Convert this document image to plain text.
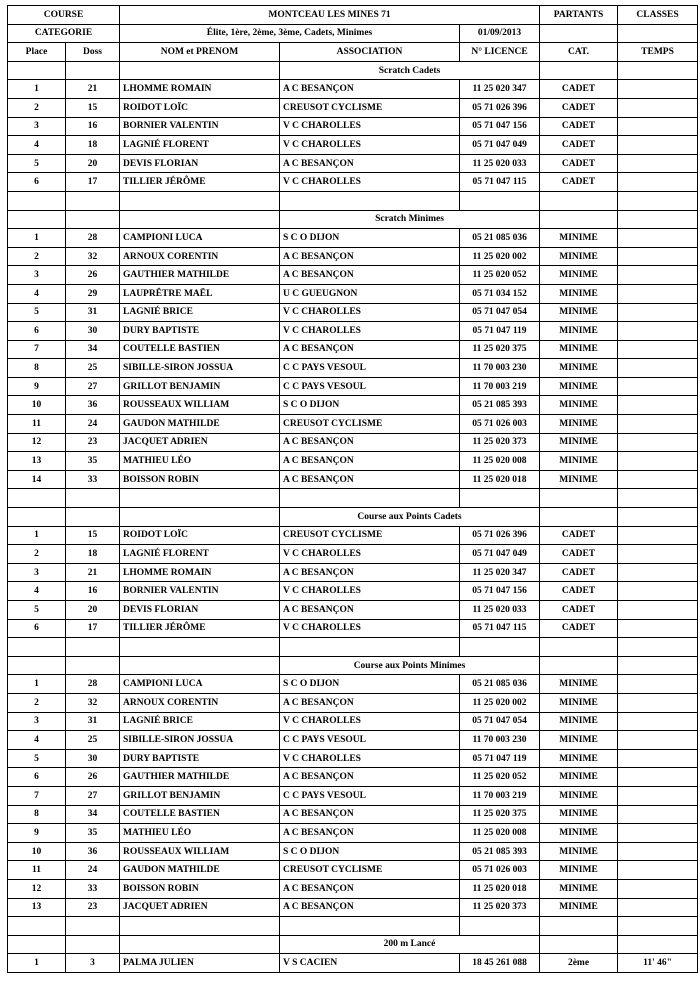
COURSE		MONTCEAU LES MINES 71			PARTANTS	CLASSES
CATEGORIE		Élite, 1ère, 2ème, 3ème, Cadets, Minimes		01/09/2013		
Place	Doss	NOM et PRENOM	ASSOCIATION	N° LICENCE	CAT.	TEMPS
			Scratch Cadets			
1	21	LHOMME ROMAIN	A C BESANÇON	11 25 020 347	CADET	
2	15	ROIDOT LOÏC	CREUSOT CYCLISME	05 71 026 396	CADET	
3	16	BORNIER VALENTIN	V C CHAROLLES	05 71 047 156	CADET	
4	18	LAGNIÉ FLORENT	V C CHAROLLES	05 71 047 049	CADET	
5	20	DEVIS FLORIAN	A C BESANÇON	11 25 020 033	CADET	
6	17	TILLIER JÉRÔME	V C CHAROLLES	05 71 047 115	CADET	

			Scratch Minimes			
1	28	CAMPIONI LUCA	S C O DIJON	05 21 085 036	MINIME	
2	32	ARNOUX CORENTIN	A C BESANÇON	11 25 020 002	MINIME	
3	26	GAUTHIER MATHILDE	A C BESANÇON	11 25 020 052	MINIME	
4	29	LAUPRÊTRE MAËL	U C GUEUGNON	05 71 034 152	MINIME	
5	31	LAGNIÉ BRICE	V C CHAROLLES	05 71 047 054	MINIME	
6	30	DURY BAPTISTE	V C CHAROLLES	05 71 047 119	MINIME	
7	34	COUTELLE BASTIEN	A C BESANÇON	11 25 020 375	MINIME	
8	25	SIBILLE-SIRON JOSSUA	C C PAYS VESOUL	11 70 003 230	MINIME	
9	27	GRILLOT BENJAMIN	C C PAYS VESOUL	11 70 003 219	MINIME	
10	36	ROUSSEAUX WILLIAM	S C O DIJON	05 21 085 393	MINIME	
11	24	GAUDON MATHILDE	CREUSOT CYCLISME	05 71 026 003	MINIME	
12	23	JACQUET ADRIEN	A C BESANÇON	11 25 020 373	MINIME	
13	35	MATHIEU LÉO	A C BESANÇON	11 25 020 008	MINIME	
14	33	BOISSON ROBIN	A C BESANÇON	11 25 020 018	MINIME	

			Course aux Points Cadets			
1	15	ROIDOT LOÏC	CREUSOT CYCLISME	05 71 026 396	CADET	
2	18	LAGNIÉ FLORENT	V C CHAROLLES	05 71 047 049	CADET	
3	21	LHOMME ROMAIN	A C BESANÇON	11 25 020 347	CADET	
4	16	BORNIER VALENTIN	V C CHAROLLES	05 71 047 156	CADET	
5	20	DEVIS FLORIAN	A C BESANÇON	11 25 020 033	CADET	
6	17	TILLIER JÉRÔME	V C CHAROLLES	05 71 047 115	CADET	

			Course aux Points Minimes			
1	28	CAMPIONI LUCA	S C O DIJON	05 21 085 036	MINIME	
2	32	ARNOUX CORENTIN	A C BESANÇON	11 25 020 002	MINIME	
3	31	LAGNIÉ BRICE	V C CHAROLLES	05 71 047 054	MINIME	
4	25	SIBILLE-SIRON JOSSUA	C C PAYS VESOUL	11 70 003 230	MINIME	
5	30	DURY BAPTISTE	V C CHAROLLES	05 71 047 119	MINIME	
6	26	GAUTHIER MATHILDE	A C BESANÇON	11 25 020 052	MINIME	
7	27	GRILLOT BENJAMIN	C C PAYS VESOUL	11 70 003 219	MINIME	
8	34	COUTELLE BASTIEN	A C BESANÇON	11 25 020 375	MINIME	
9	35	MATHIEU LÉO	A C BESANÇON	11 25 020 008	MINIME	
10	36	ROUSSEAUX WILLIAM	S C O DIJON	05 21 085 393	MINIME	
11	24	GAUDON MATHILDE	CREUSOT CYCLISME	05 71 026 003	MINIME	
12	33	BOISSON ROBIN	A C BESANÇON	11 25 020 018	MINIME	
13	23	JACQUET ADRIEN	A C BESANÇON	11 25 020 373	MINIME	

			200 m Lancé			
1	3	PALMA JULIEN	V S CACIEN	18 45 261 088	2ème	11' 46"
